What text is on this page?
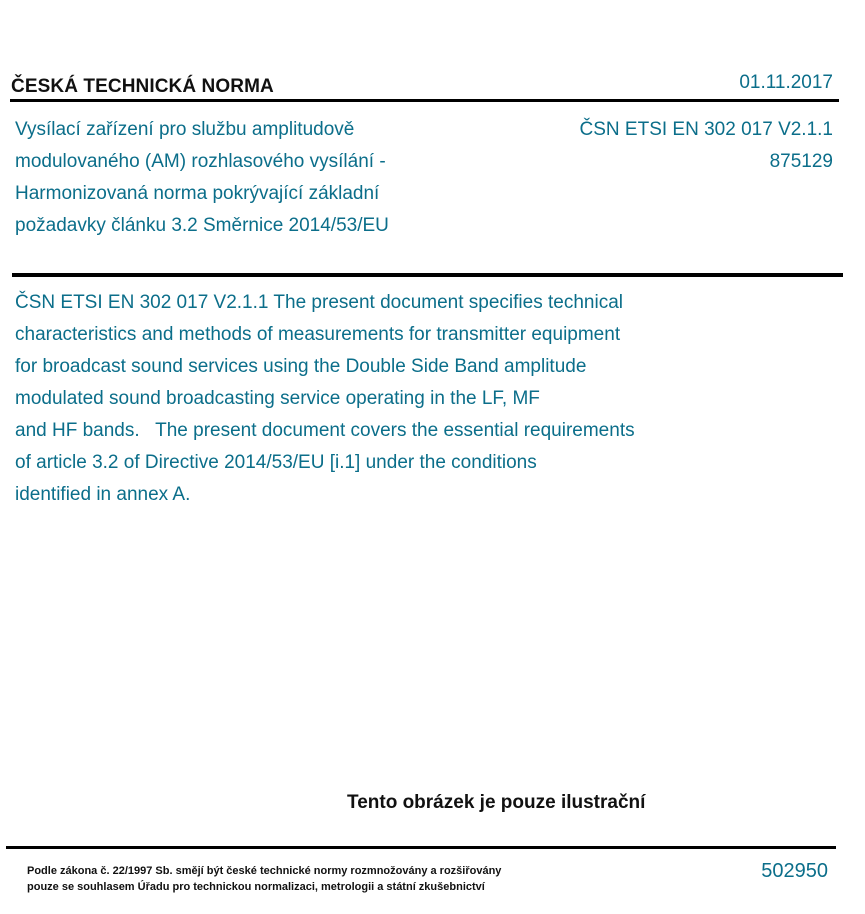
ČESKÁ TECHNICKÁ NORMA	01.11.2017
Vysílací zařízení pro službu amplitudově
modulovaného (AM) rozhlasového vysílání -
Harmonizovaná norma pokrývající základní
požadavky článku 3.2 Směrnice 2014/53/EU
ČSN ETSI EN 302 017 V2.1.1
875129
ČSN ETSI EN 302 017 V2.1.1 The present document specifies technical
characteristics and methods of measurements for transmitter equipment
for broadcast sound services using the Double Side Band amplitude
modulated sound broadcasting service operating in the LF, MF
and HF bands.   The present document covers the essential requirements
of article 3.2 of Directive 2014/53/EU [i.1] under the conditions
identified in annex A.
Tento obrázek je pouze ilustrační
Podle zákona č. 22/1997 Sb. smějí být české technické normy rozmnožovány a rozšiřovány
pouze se souhlasem Úřadu pro technickou normalizaci, metrologii a státní zkušebnictví
502950
